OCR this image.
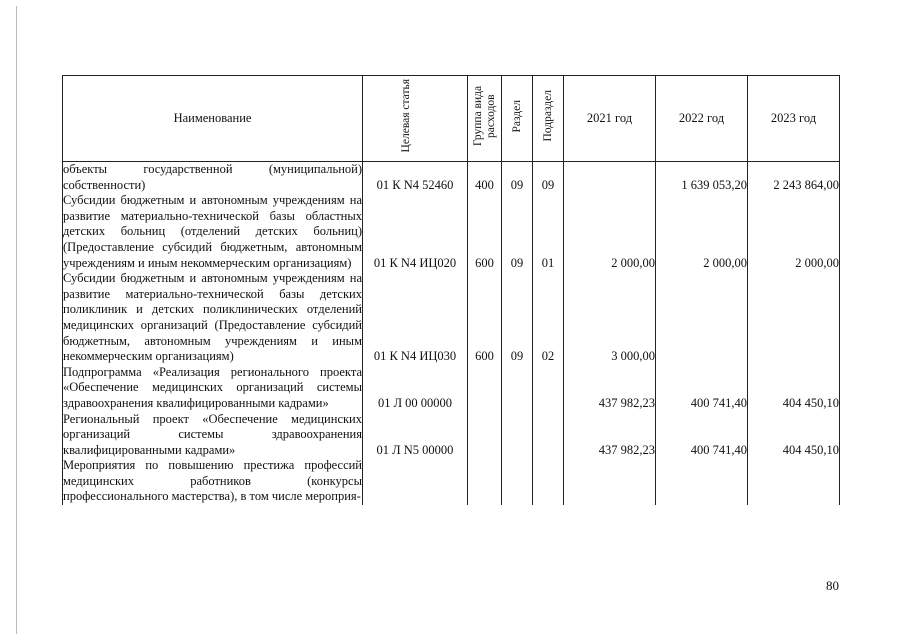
Наименование	Целевая статья	Группа вида расходов	Раздел	Подраздел	2021 год	2022 год	2023 год
объекты государственной (муниципальной) собственности)	01 К N4 52460	400	09	09		1 639 053,20	2 243 864,00
Субсидии бюджетным и автономным учреждениям на развитие материально-технической базы областных детских больниц (отделений детских больниц) (Предоставление субсидий бюджетным, автономным учреждениям и иным некоммерческим организациям)	01 К N4 ИЦ020	600	09	01	2 000,00	2 000,00	2 000,00
Субсидии бюджетным и автономным учреждениям на развитие материально-технической базы детских поликлиник и детских поликлинических отделений медицинских организаций (Предоставление субсидий бюджетным, автономным учреждениям и иным некоммерческим организациям)	01 К N4 ИЦ030	600	09	02	3 000,00		
Подпрограмма «Реализация регионального проекта «Обеспечение медицинских организаций системы здравоохранения квалифицированными кадрами»	01 Л 00 00000				437 982,23	400 741,40	404 450,10
Региональный проект «Обеспечение медицинских организаций системы здравоохранения квалифицированными кадрами»	01 Л N5 00000				437 982,23	400 741,40	404 450,10
Мероприятия по повышению престижа профессий медицинских работников (конкурсы профессионального мастерства), в том числе мероприя-							
80
